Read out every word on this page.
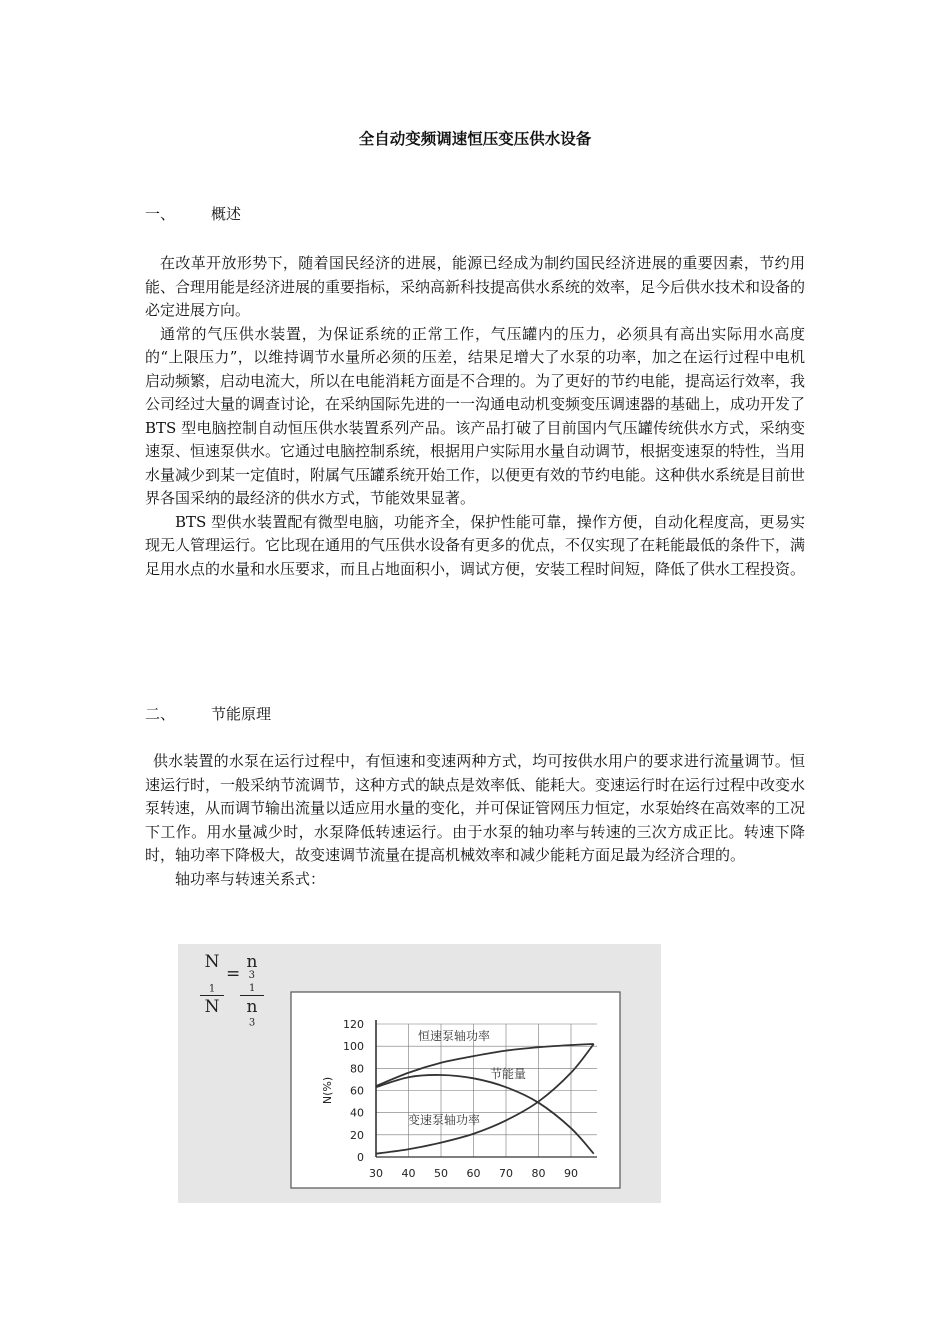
全自动变频调速恒压变压供水设备
一、 概述

在改革开放形势下，随着国民经济的进展，能源已经成为制约国民经济进展的重要因素，节约用能、合理用能是经济进展的重要指标，采纳高新科技提高供水系统的效率，足今后供水技术和设备的必定进展方向。

通常的气压供水装置，为保证系统的正常工作，气压罐内的压力，必须具有高出实际用水高度的“上限压力”，以维持调节水量所必须的压差，结果足增大了水泵的功率，加之在运行过程中电机启动频繁，启动电流大，所以在电能消耗方面是不合理的。为了更好的节约电能，提高运行效率，我公司经过大量的调查讨论，在采纳国际先进的一一沟通电动机变频变压调速器的基础上，成功开发了 BTS 型电脑控制自动恒压供水装置系列产品。该产品打破了目前国内气压罐传统供水方式，采纳变速泵、恒速泵供水。它通过电脑控制系统，根据用户实际用水量自动调节，根据变速泵的特性，当用水量减少到某一定值时，附属气压罐系统开始工作，以便更有效的节约电能。这种供水系统是目前世界各国采纳的最经济的供水方式，节能效果显著。

BTS 型供水装置配有微型电脑，功能齐全，保护性能可靠，操作方便，自动化程度高，更易实现无人管理运行。它比现在通用的气压供水设备有更多的优点，不仅实现了在耗能最低的条件下，满足用水点的水量和水压要求，而且占地面积小，调试方便，安装工程时间短，降低了供水工程投资。

二、 节能原理

供水装置的水泵在运行过程中，有恒速和变速两种方式，均可按供水用户的要求进行流量调节。恒速运行时，一般采纳节流调节，这种方式的缺点是效率低、能耗大。变速运行时在运行过程中改变水泵转速，从而调节输出流量以适应用水量的变化，并可保证管网压力恒定，水泵始终在高效率的工况下工作。用水量减少时，水泵降低转速运行。由于水泵的轴功率与转速的三次方成正比。转速下降时，轴功率下降极大，故变速调节流量在提高机械效率和减少能耗方面足最为经济合理的。

轴功率与转速关系式：

N
$_1$
N
=
n
$^3_1$
n
$^3$
0
20
40
60
80
100
120
30 40 50 60 70 80 90
N(%)
恒速泵轴功率
节能量
变速泵轴功率
